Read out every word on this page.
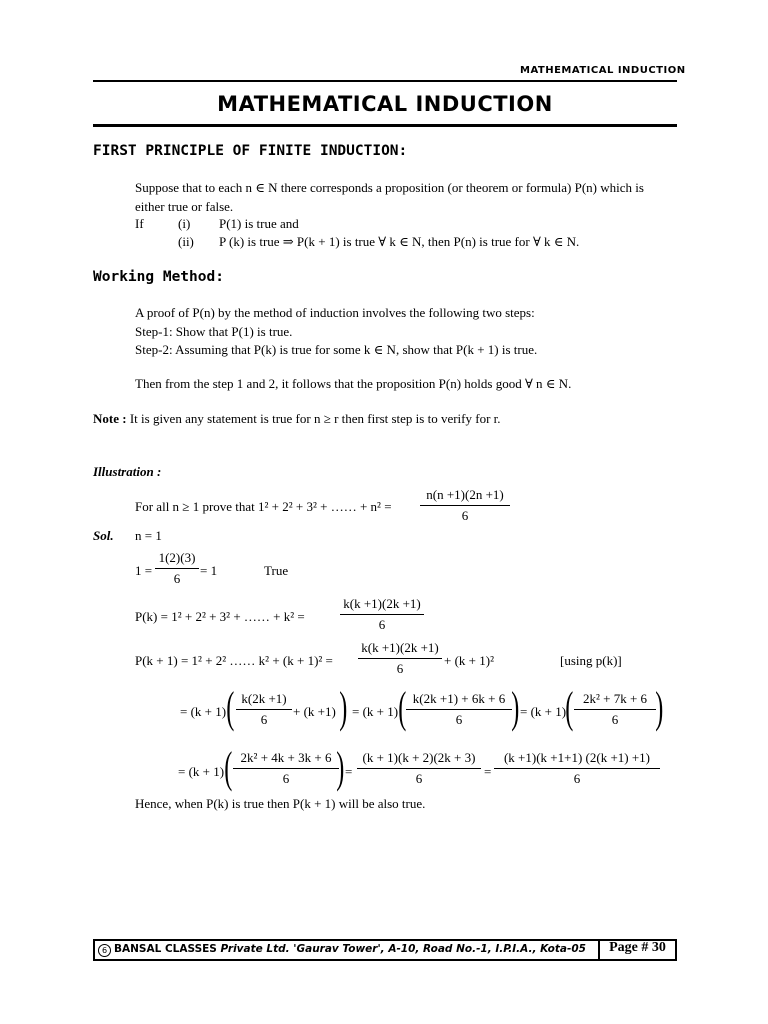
MATHEMATICAL INDUCTION
MATHEMATICAL INDUCTION
FIRST PRINCIPLE OF FINITE INDUCTION:
Suppose that to each n ∈ N there corresponds a proposition (or theorem or formula) P(n) which is
either true or false.
If	(i) P(1) is true and
(ii) P (k) is true ⇒ P(k + 1) is true ∀ k ∈ N, then P(n) is true for ∀ k ∈ N.
Working Method:
A proof of P(n) by the method of induction involves the following two steps:
Step-1: Show that P(1) is true.
Step-2: Assuming that P(k) is true for some k ∈ N, show that P(k + 1) is true.
Then from the step 1 and 2, it follows that the proposition P(n) holds good ∀ n ∈ N.
Note : It is given any statement is true for n ≥ r then first step is to verify for r.
Illustration :
For all n ≥ 1 prove that 1² + 2² + 3² + …… + $n^2 = \frac{n(n +1)(2n +1)}{6}$
Sol. n = 1
$1 = \frac{1(2)(3)}{6} = 1$	True
P(k) = 1² + 2² + 3² + …… + k² =	$\frac{k(k +1)(2k +1)}{6}$
P(k + 1) = 1² + 2² …… $k^2 + (k + 1)^2 = \frac{k(k +1)(2k +1)}{6} + (k + 1)^2$	[using p(k)]
= (k + 1) ( $\frac{k(2k +1)}{6} + (k +1)$ ) = (k + 1) ( $\frac{k(2k +1) + 6k + 6}{6}$ ) = (k + 1) ( $\frac{\text{2k² + 7k + 6}}{6}$ )
= (k + 1) ( $\frac{\text{2k² + 4k + 3k + 6}}{6}$
) = $\frac{(k + 1)(k + 2)(2k + 3)}{6} = \frac{(k +1)(k +1+1) (2(k +1) +1)}{6}$
Hence, when P(k) is true then P(k + 1) will be also true.
6 BANSAL CLASSES Private Ltd. 'Gaurav Tower', A-10, Road No.-1, I.P.I.A., Kota-05	Page # 30
